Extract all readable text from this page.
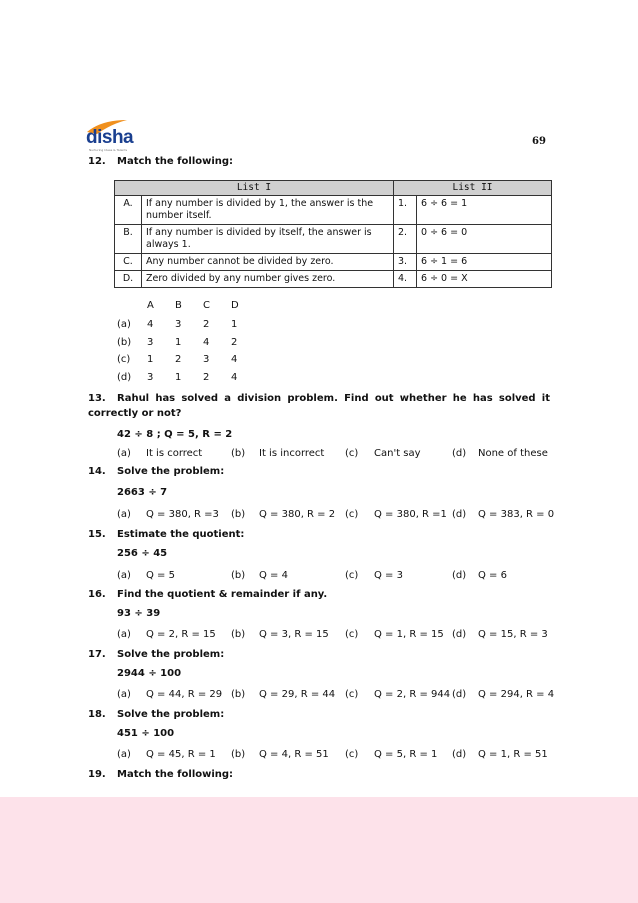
disha
Nurturing Ideas & Talents
69
12. Match the following:
List I		List II	
A.	If any number is divided by 1, the answer is the number itself.	1.	6 ÷ 6 = 1
B.	If any number is divided by itself, the answer is always 1.	2.	0 ÷ 6 = 0
C.	Any number cannot be divided by zero.	3.	6 ÷ 1 = 6
D.	Zero divided by any number gives zero.	4.	6 ÷ 0 = X
A B C D
(a) 4 3 2 1
(b) 3 1 4 2
(c) 1 2 3 4
(d) 3 1 2 4
13. Rahul has solved a division problem. Find out whether he has solved it correctly or not?
42 ÷ 8 ; Q = 5, R = 2
(a) It is correct	(b) It is incorrect (c) Can't say	(d) None of these
14. Solve the problem:
2663 ÷ 7
(a) Q = 380, R =3 (b) Q = 380, R = 2 (c) Q = 380, R =1 (d) Q = 383, R = 0
15. Estimate the quotient:
256 ÷ 45
(a) Q = 5	(b) Q = 4	(c) Q = 3	(d) Q = 6
16. Find the quotient & remainder if any.
93 ÷ 39
(a) Q = 2, R = 15 (b) Q = 3, R = 15 (c) Q = 1, R = 15 (d) Q = 15, R = 3
17. Solve the problem:
2944 ÷ 100
(a) Q = 44, R = 29 (b) Q = 29, R = 44 (c) Q = 2, R = 944 (d) Q = 294, R = 4
18. Solve the problem:
451 ÷ 100
(a) Q = 45, R = 1 (b) Q = 4, R = 51 (c) Q = 5, R = 1 (d) Q = 1, R = 51
19. Match the following:
